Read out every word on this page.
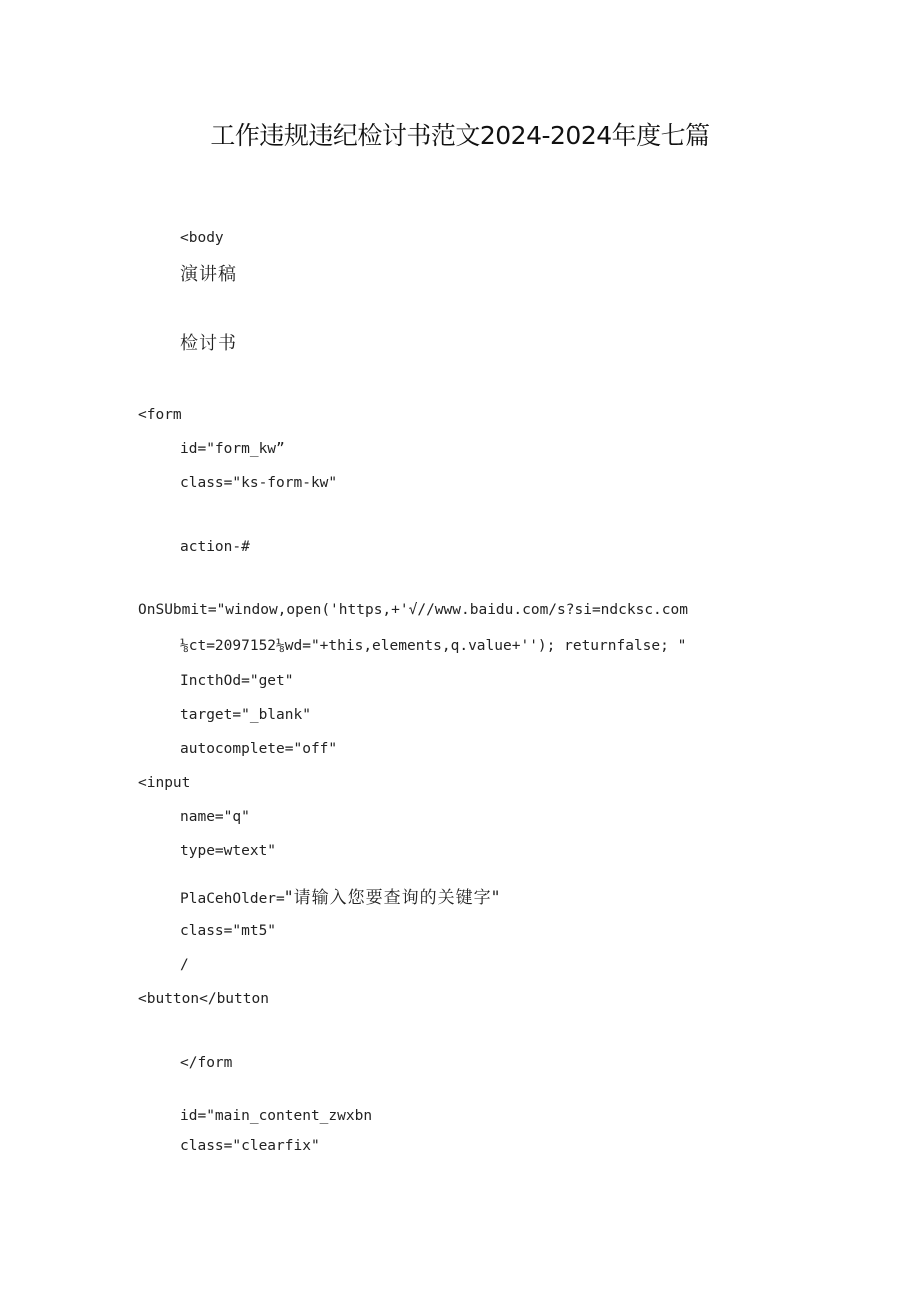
工作违规违纪检讨书范文2024-2024年度七篇
<body
演讲稿
检讨书
<form
id="form_kw”
class="ks-form-kw"
action-#
OnSUbmit="window,open('https,+'√∕∕www.baidu.com/s?si=ndcksc.com
⅛ct=2097152⅛wd="+this,elements,q.value+''); returnfalse; "
IncthOd="get"
target="_blank"
autocomplete="off"
<input
name="q"
type=wtext"
PlaCehOlder="请输入您要查询的关键字"
class="mt5"
/
<button<∕button
<∕form
id="main_content_zwxbn
class="clearfix"
